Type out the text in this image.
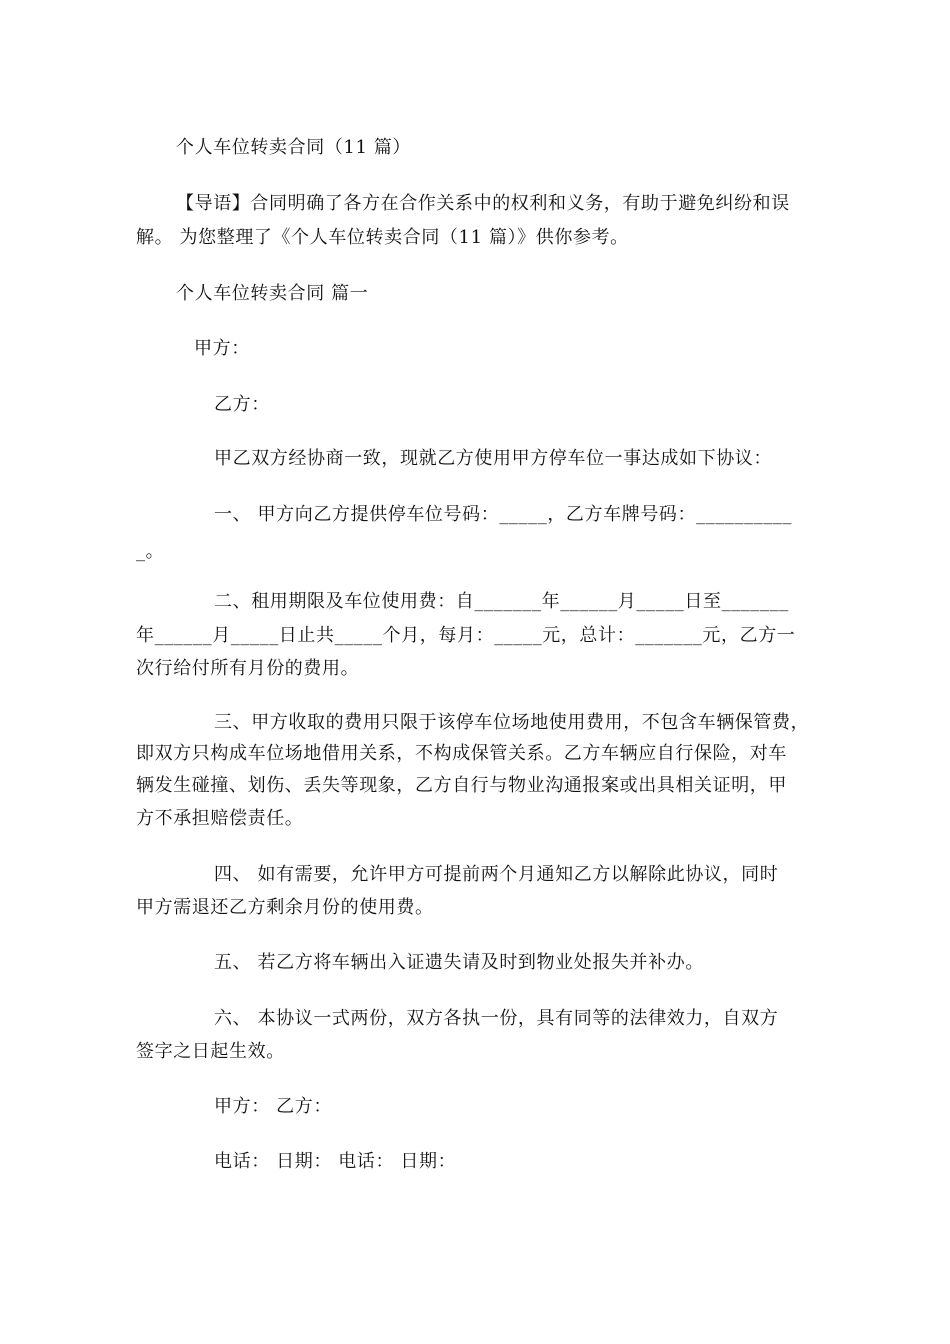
个人车位转卖合同（11 篇）
【导语】合同明确了各方在合作关系中的权利和义务，有助于避免纠纷和误
解。 为您整理了《个人车位转卖合同（11 篇）》供你参考。
个人车位转卖合同 篇一
甲方：
乙方：
甲乙双方经协商一致，现就乙方使用甲方停车位一事达成如下协议：
一、 甲方向乙方提供停车位号码：_____，乙方车牌号码：__________
_。
二、租用期限及车位使用费：自_______年______月_____日至_______
年______月_____日止共_____个月，每月：_____元，总计：_______元，乙方一
次行给付所有月份的费用。
三、甲方收取的费用只限于该停车位场地使用费用，不包含车辆保管费，
即双方只构成车位场地借用关系，不构成保管关系。乙方车辆应自行保险，对车
辆发生碰撞、划伤、丢失等现象，乙方自行与物业沟通报案或出具相关证明，甲
方不承担赔偿责任。
四、 如有需要，允许甲方可提前两个月通知乙方以解除此协议，同时
甲方需退还乙方剩余月份的使用费。
五、 若乙方将车辆出入证遗失请及时到物业处报失并补办。
六、 本协议一式两份，双方各执一份，具有同等的法律效力，自双方
签字之日起生效。
甲方： 乙方：
电话： 日期： 电话： 日期：
